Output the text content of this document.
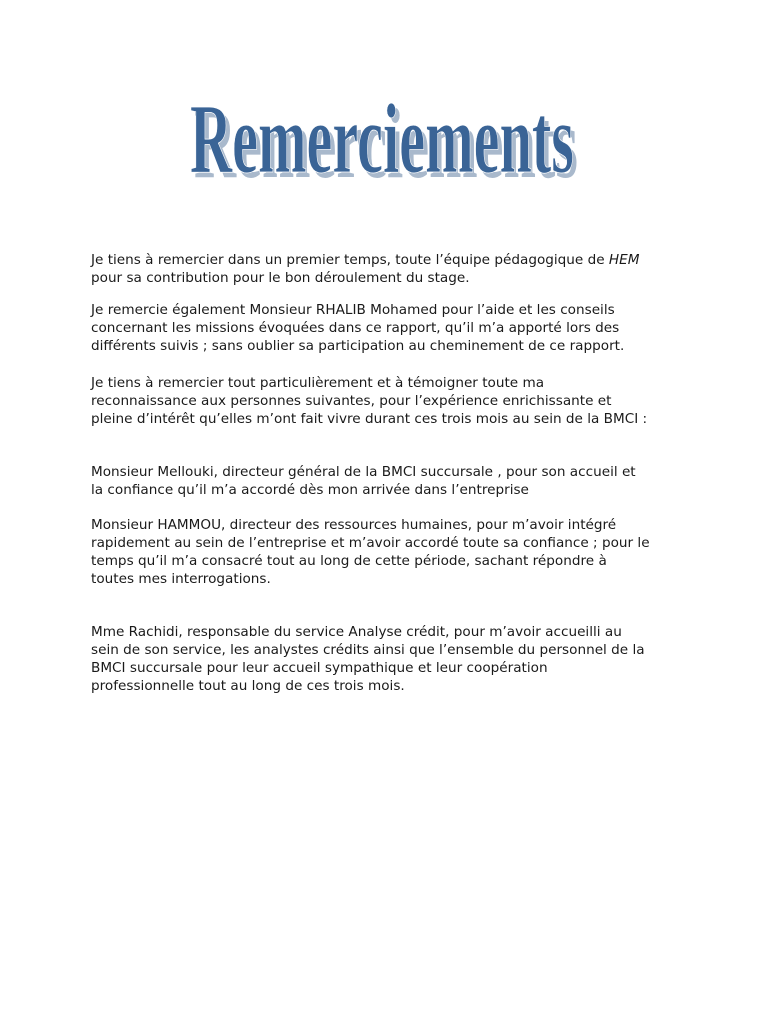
Remerciements
Remerciements

Je tiens à remercier dans un premier temps, toute l’équipe pédagogique de HEM
pour sa contribution pour le bon déroulement du stage.

Je remercie également Monsieur RHALIB Mohamed pour l’aide et les conseils
concernant les missions évoquées dans ce rapport, qu’il m’a apporté lors des
différents suivis ; sans oublier sa participation au cheminement de ce rapport.

Je tiens à remercier tout particulièrement et à témoigner toute ma
reconnaissance aux personnes suivantes, pour l’expérience enrichissante et
pleine d’intérêt qu’elles m’ont fait vivre durant ces trois mois au sein de la BMCI :

Monsieur Mellouki, directeur général de la BMCI succursale , pour son accueil et
la confiance qu’il m’a accordé dès mon arrivée dans l’entreprise

Monsieur HAMMOU, directeur des ressources humaines, pour m’avoir intégré
rapidement au sein de l’entreprise et m’avoir accordé toute sa confiance ; pour le
temps qu’il m’a consacré tout au long de cette période, sachant répondre à
toutes mes interrogations.

Mme Rachidi, responsable du service Analyse crédit, pour m’avoir accueilli au
sein de son service, les analystes crédits ainsi que l’ensemble du personnel de la
BMCI succursale pour leur accueil sympathique et leur coopération
professionnelle tout au long de ces trois mois.
